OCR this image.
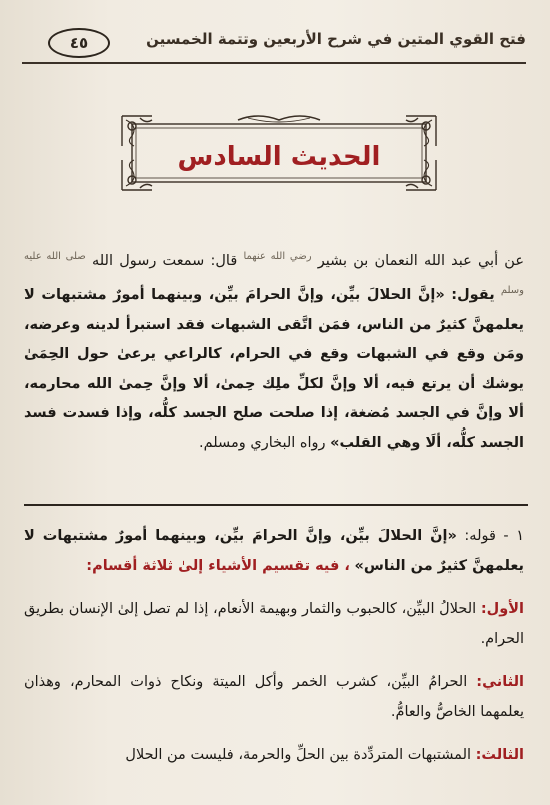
فتح القوي المتين في شرح الأربعين وتتمة الخمسين
٤٥
الحديث السادس

عن أبي عبد الله النعمان بن بشير $^{رضي الله عنهما}$ قال: سمعت رسول الله $^{صلى الله عليه وسلم}$ يقول: «إنَّ الحلالَ بيِّن، وإنَّ الحرامَ بيِّن، وبينهما أمورٌ مشتبهات لا يعلمهنَّ كثيرٌ من الناس، فمَن اتَّقى الشبهات فقد استبرأ لدينه وعرضه، ومَن وقع في الشبهات وقع في الحرام، كالراعي يرعىٰ حول الحِمَىٰ يوشك أن يرتع فيه، ألا وإنَّ لكلِّ ملِك حِمىٰ، ألا وإنَّ حِمىٰ الله محارمه، ألا وإنَّ في الجسد مُضغة، إذا صلحت صلح الجسد كلُّه، وإذا فسدت فسد الجسد كلُّه، ألَا وهي القلب» رواه البخاري ومسلم.

١ - قوله: «إنَّ الحلالَ بيِّن، وإنَّ الحرامَ بيِّن، وبينهما أمورٌ مشتبهات لا يعلمهنَّ كثيرٌ من الناس» ، فيه تقسيم الأشياء إلىٰ ثلاثة أقسام:

الأول: الحلالُ البيِّن، كالحبوب والثمار وبهيمة الأنعام، إذا لم تصل إلىٰ الإنسان بطريق الحرام.

الثاني: الحرامُ البيِّن، كشرب الخمر وأكل الميتة ونكاح ذوات المحارم، وهذان يعلمهما الخاصُّ والعامُّ.

الثالث: المشتبهات المتردِّدة بين الحلِّ والحرمة، فليست من الحلال
